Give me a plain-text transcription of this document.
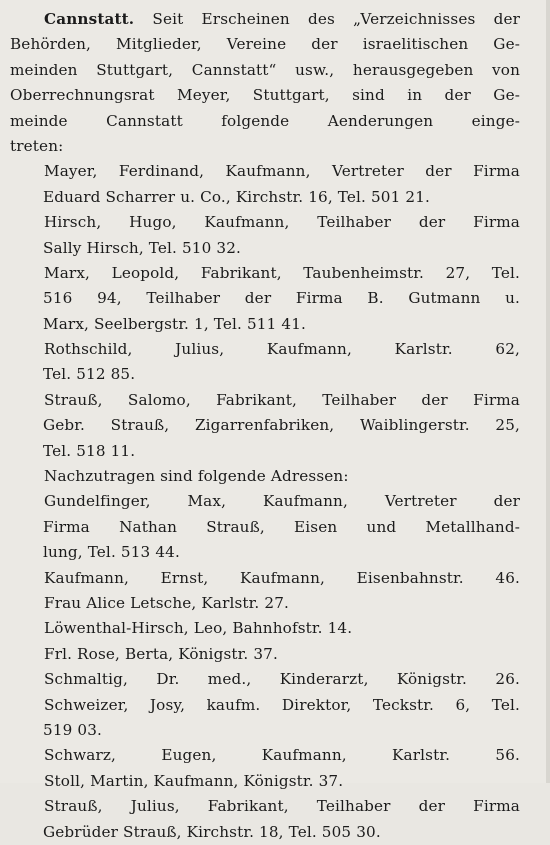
Cannstatt. Seit Erscheinen des „Verzeichnisses der
Behörden, Mitglieder, Vereine der israelitischen Ge-
meinden Stuttgart, Cannstatt“ usw., herausgegeben von
Oberrechnungsrat Meyer, Stuttgart, sind in der Ge-
meinde Cannstatt folgende Aenderungen einge-
treten:
Mayer, Ferdinand, Kaufmann, Vertreter der Firma
Eduard Scharrer u. Co., Kirchstr. 16, Tel. 501 21.
Hirsch, Hugo, Kaufmann, Teilhaber der Firma
Sally Hirsch, Tel. 510 32.
Marx, Leopold, Fabrikant, Taubenheimstr. 27, Tel.
516 94, Teilhaber der Firma B. Gutmann u.
Marx, Seelbergstr. 1, Tel. 511 41.
Rothschild, Julius, Kaufmann, Karlstr. 62,
Tel. 512 85.
Strauß, Salomo, Fabrikant, Teilhaber der Firma
Gebr. Strauß, Zigarrenfabriken, Waiblingerstr. 25,
Tel. 518 11.
Nachzutragen sind folgende Adressen:
Gundelfinger, Max, Kaufmann, Vertreter der
Firma Nathan Strauß, Eisen und Metallhand-
lung, Tel. 513 44.
Kaufmann, Ernst, Kaufmann, Eisenbahnstr. 46.
Frau Alice Letsche, Karlstr. 27.
Löwenthal-Hirsch, Leo, Bahnhofstr. 14.
Frl. Rose, Berta, Königstr. 37.
Schmaltig, Dr. med., Kinderarzt, Königstr. 26.
Schweizer, Josy, kaufm. Direktor, Teckstr. 6, Tel.
519 03.
Schwarz, Eugen, Kaufmann, Karlstr. 56.
Stoll, Martin, Kaufmann, Königstr. 37.
Strauß, Julius, Fabrikant, Teilhaber der Firma
Gebrüder Strauß, Kirchstr. 18, Tel. 505 30.
